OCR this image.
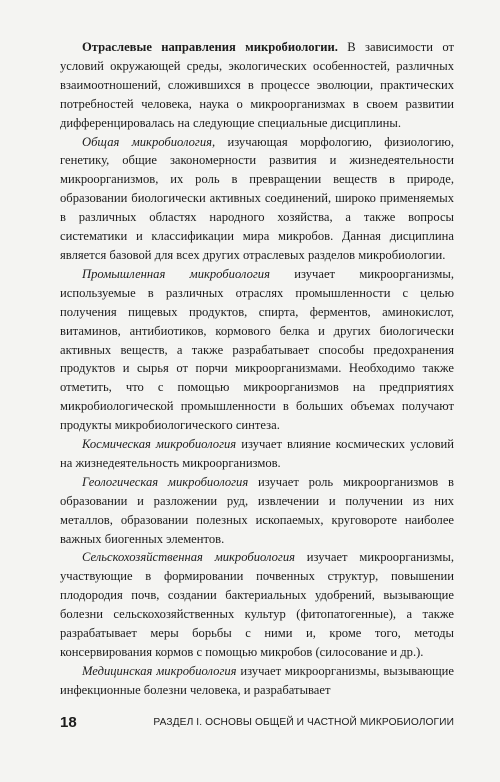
Отраслевые направления микробиологии. В зависимости от условий окружающей среды, экологических особенностей, различных взаимоотношений, сложившихся в процессе эволюции, практических потребностей человека, наука о микроорганизмах в своем развитии дифференцировалась на следующие специальные дисциплины.

Общая микробиология, изучающая морфологию, физиологию, генетику, общие закономерности развития и жизнедеятельности микроорганизмов, их роль в превращении веществ в природе, образовании биологически активных соединений, широко применяемых в различных областях народного хозяйства, а также вопросы систематики и классификации мира микробов. Данная дисциплина является базовой для всех других отраслевых разделов микробиологии.

Промышленная микробиология изучает микроорганизмы, используемые в различных отраслях промышленности с целью получения пищевых продуктов, спирта, ферментов, аминокислот, витаминов, антибиотиков, кормового белка и других биологически активных веществ, а также разрабатывает способы предохранения продуктов и сырья от порчи микроорганизмами. Необходимо также отметить, что с помощью микроорганизмов на предприятиях микробиологической промышленности в больших объемах получают продукты микробиологического синтеза.

Космическая микробиология изучает влияние космических условий на жизнедеятельность микроорганизмов.

Геологическая микробиология изучает роль микроорганизмов в образовании и разложении руд, извлечении и получении из них металлов, образовании полезных ископаемых, круговороте наиболее важных биогенных элементов.

Сельскохозяйственная микробиология изучает микроорганизмы, участвующие в формировании почвенных структур, повышении плодородия почв, создании бактериальных удобрений, вызывающие болезни сельскохозяйственных культур (фитопатогенные), а также разрабатывает меры борьбы с ними и, кроме того, методы консервирования кормов с помощью микробов (силосование и др.).

Медицинская микробиология изучает микроорганизмы, вызывающие инфекционные болезни человека, и разрабатывает

18	РАЗДЕЛ I. ОСНОВЫ ОБЩЕЙ И ЧАСТНОЙ МИКРОБИОЛОГИИ
